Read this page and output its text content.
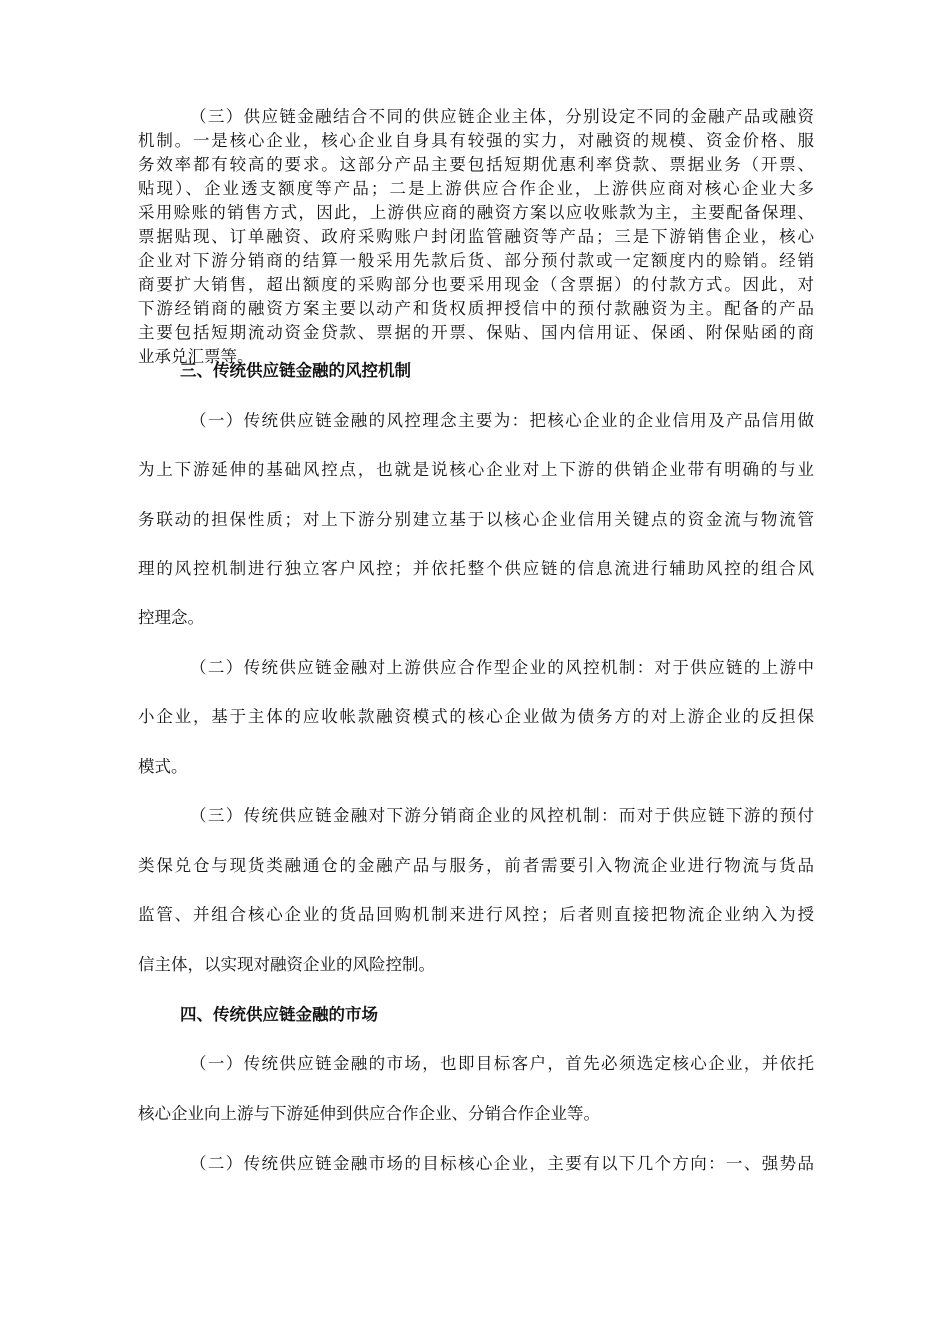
（三）供应链金融结合不同的供应链企业主体，分别设定不同的金融产品或融资
机制。一是核心企业，核心企业自身具有较强的实力，对融资的规模、资金价格、服
务效率都有较高的要求。这部分产品主要包括短期优惠利率贷款、票据业务（开票、
贴现）、企业透支额度等产品；二是上游供应合作企业，上游供应商对核心企业大多
采用赊账的销售方式，因此，上游供应商的融资方案以应收账款为主，主要配备保理、
票据贴现、订单融资、政府采购账户封闭监管融资等产品；三是下游销售企业，核心
企业对下游分销商的结算一般采用先款后货、部分预付款或一定额度内的赊销。经销
商要扩大销售，超出额度的采购部分也要采用现金（含票据）的付款方式。因此，对
下游经销商的融资方案主要以动产和货权质押授信中的预付款融资为主。配备的产品
主要包括短期流动资金贷款、票据的开票、保贴、国内信用证、保函、附保贴函的商
业承兑汇票等。
三、传统供应链金融的风控机制
（一）传统供应链金融的风控理念主要为：把核心企业的企业信用及产品信用做
为上下游延伸的基础风控点，也就是说核心企业对上下游的供销企业带有明确的与业
务联动的担保性质；对上下游分别建立基于以核心企业信用关键点的资金流与物流管
理的风控机制进行独立客户风控；并依托整个供应链的信息流进行辅助风控的组合风
控理念。
（二）传统供应链金融对上游供应合作型企业的风控机制：对于供应链的上游中
小企业，基于主体的应收帐款融资模式的核心企业做为债务方的对上游企业的反担保
模式。
（三）传统供应链金融对下游分销商企业的风控机制：而对于供应链下游的预付
类保兑仓与现货类融通仓的金融产品与服务，前者需要引入物流企业进行物流与货品
监管、并组合核心企业的货品回购机制来进行风控；后者则直接把物流企业纳入为授
信主体，以实现对融资企业的风险控制。
四、传统供应链金融的市场
（一）传统供应链金融的市场，也即目标客户，首先必须选定核心企业，并依托
核心企业向上游与下游延伸到供应合作企业、分销合作企业等。
（二）传统供应链金融市场的目标核心企业，主要有以下几个方向：一、强势品
